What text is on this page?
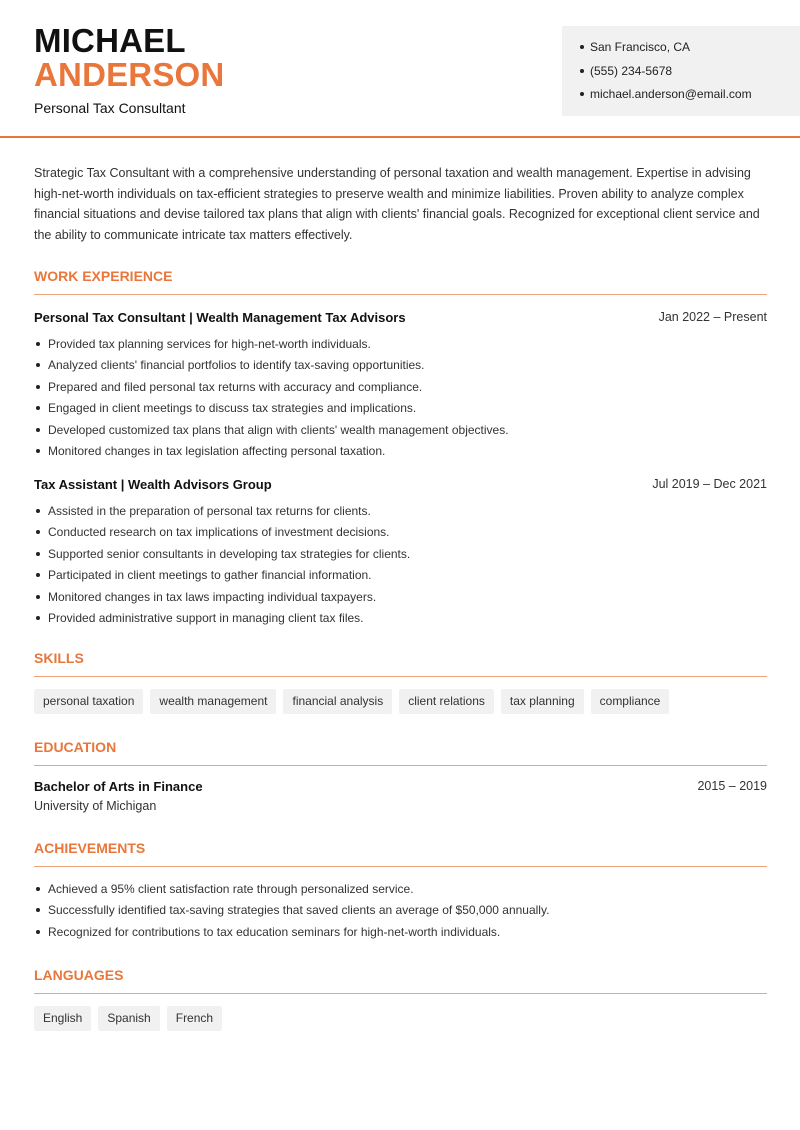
MICHAEL
ANDERSON
Personal Tax Consultant
San Francisco, CA
(555) 234-5678
michael.anderson@email.com

Strategic Tax Consultant with a comprehensive understanding of personal taxation and wealth management. Expertise in advising high-net-worth individuals on tax-efficient strategies to preserve wealth and minimize liabilities. Proven ability to analyze complex financial situations and devise tailored tax plans that align with clients' financial goals. Recognized for exceptional client service and the ability to communicate intricate tax matters effectively.

WORK EXPERIENCE
Personal Tax Consultant | Wealth Management Tax Advisors	Jan 2022 – Present
Provided tax planning services for high-net-worth individuals.
Analyzed clients' financial portfolios to identify tax-saving opportunities.
Prepared and filed personal tax returns with accuracy and compliance.
Engaged in client meetings to discuss tax strategies and implications.
Developed customized tax plans that align with clients' wealth management objectives.
Monitored changes in tax legislation affecting personal taxation.
Tax Assistant | Wealth Advisors Group	Jul 2019 – Dec 2021
Assisted in the preparation of personal tax returns for clients.
Conducted research on tax implications of investment decisions.
Supported senior consultants in developing tax strategies for clients.
Participated in client meetings to gather financial information.
Monitored changes in tax laws impacting individual taxpayers.
Provided administrative support in managing client tax files.
SKILLS
personal taxation	wealth management	financial analysis	client relations	tax planning	compliance
EDUCATION
Bachelor of Arts in Finance	2015 – 2019
University of Michigan
ACHIEVEMENTS
Achieved a 95% client satisfaction rate through personalized service.
Successfully identified tax-saving strategies that saved clients an average of $50,000 annually.
Recognized for contributions to tax education seminars for high-net-worth individuals.
LANGUAGES
English	Spanish	French
